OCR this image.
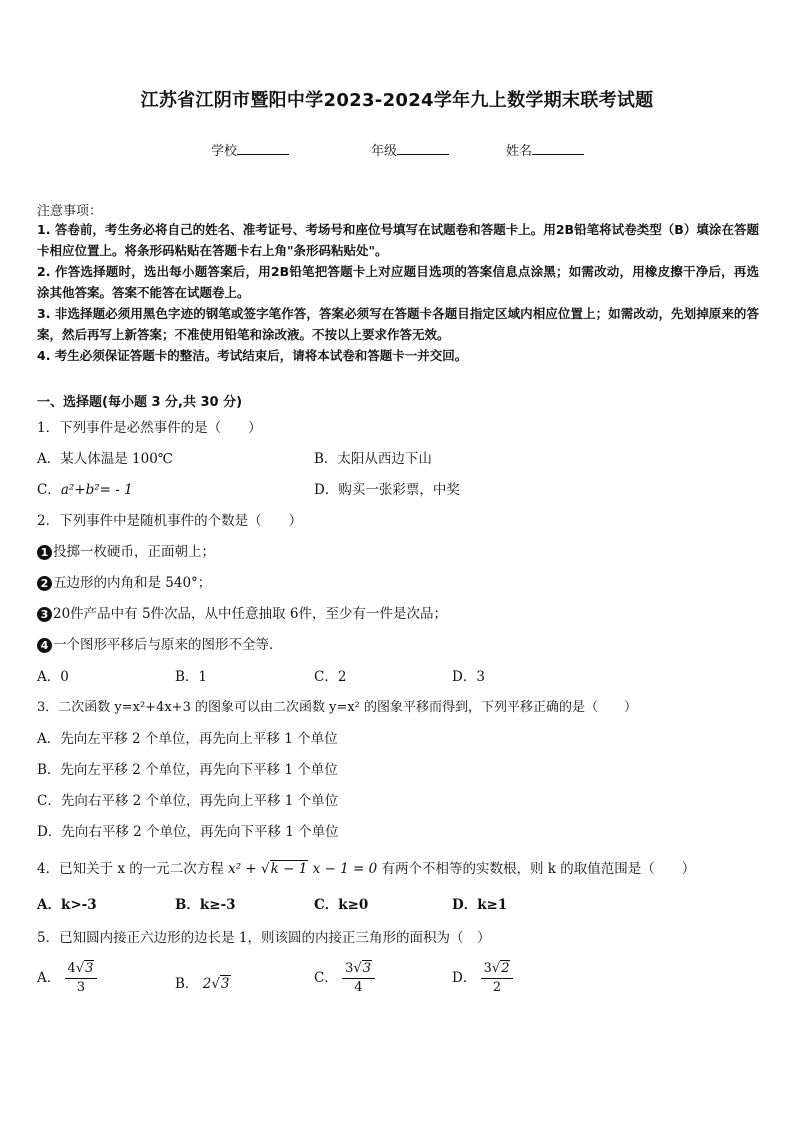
江苏省江阴市暨阳中学2023-2024学年九上数学期末联考试题
学校	年级	姓名
注意事项：

1. 答卷前，考生务必将自己的姓名、准考证号、考场号和座位号填写在试题卷和答题卡上。用2B铅笔将试卷类型（B）填涂在答题卡相应位置上。将条形码粘贴在答题卡右上角"条形码粘贴处"。

2. 作答选择题时，选出每小题答案后，用2B铅笔把答题卡上对应题目选项的答案信息点涂黑；如需改动，用橡皮擦干净后，再选涂其他答案。答案不能答在试题卷上。

3. 非选择题必须用黑色字迹的钢笔或签字笔作答，答案必须写在答题卡各题目指定区域内相应位置上；如需改动，先划掉原来的答案，然后再写上新答案；不准使用铅笔和涂改液。不按以上要求作答无效。

4. 考生必须保证答题卡的整洁。考试结束后，请将本试卷和答题卡一并交回。

一、选择题(每小题 3 分,共 30 分)
1．下列事件是必然事件的是（　　）
A．某人体温是 100℃	B．太阳从西边下山
C．a²+b²= - 1	D．购买一张彩票，中奖
2．下列事件中是随机事件的个数是（　　）
1 投掷一枚硬币，正面朝上；
2 五边形的内角和是 540°；
3 20件产品中有 5件次品，从中任意抽取 6件，至少有一件是次品；
4 一个图形平移后与原来的图形不全等．
A．0	B．1	C．2	D．3
3．二次函数 y=x²+4x+3 的图象可以由二次函数 y=x² 的图象平移而得到，下列平移正确的是（　　）
A．先向左平移 2 个单位，再先向上平移 1 个单位
B．先向左平移 2 个单位，再先向下平移 1 个单位
C．先向右平移 2 个单位，再先向上平移 1 个单位
D．先向右平移 2 个单位，再先向下平移 1 个单位
4．已知关于 x 的一元二次方程 x² + √k − 1 x − 1 = 0 有两个不相等的实数根，则 k 的取值范围是（　　）
A．k>-3	B．k≥-3	C．k≥0	D．k≥1
5．已知圆内接正六边形的边长是 1，则该圆的内接正三角形的面积为（　）
A． $\frac{4√3}{3}$	B． 2√3	C． $\frac{3√3}{4}$	D． $\frac{3√2}{2}$
